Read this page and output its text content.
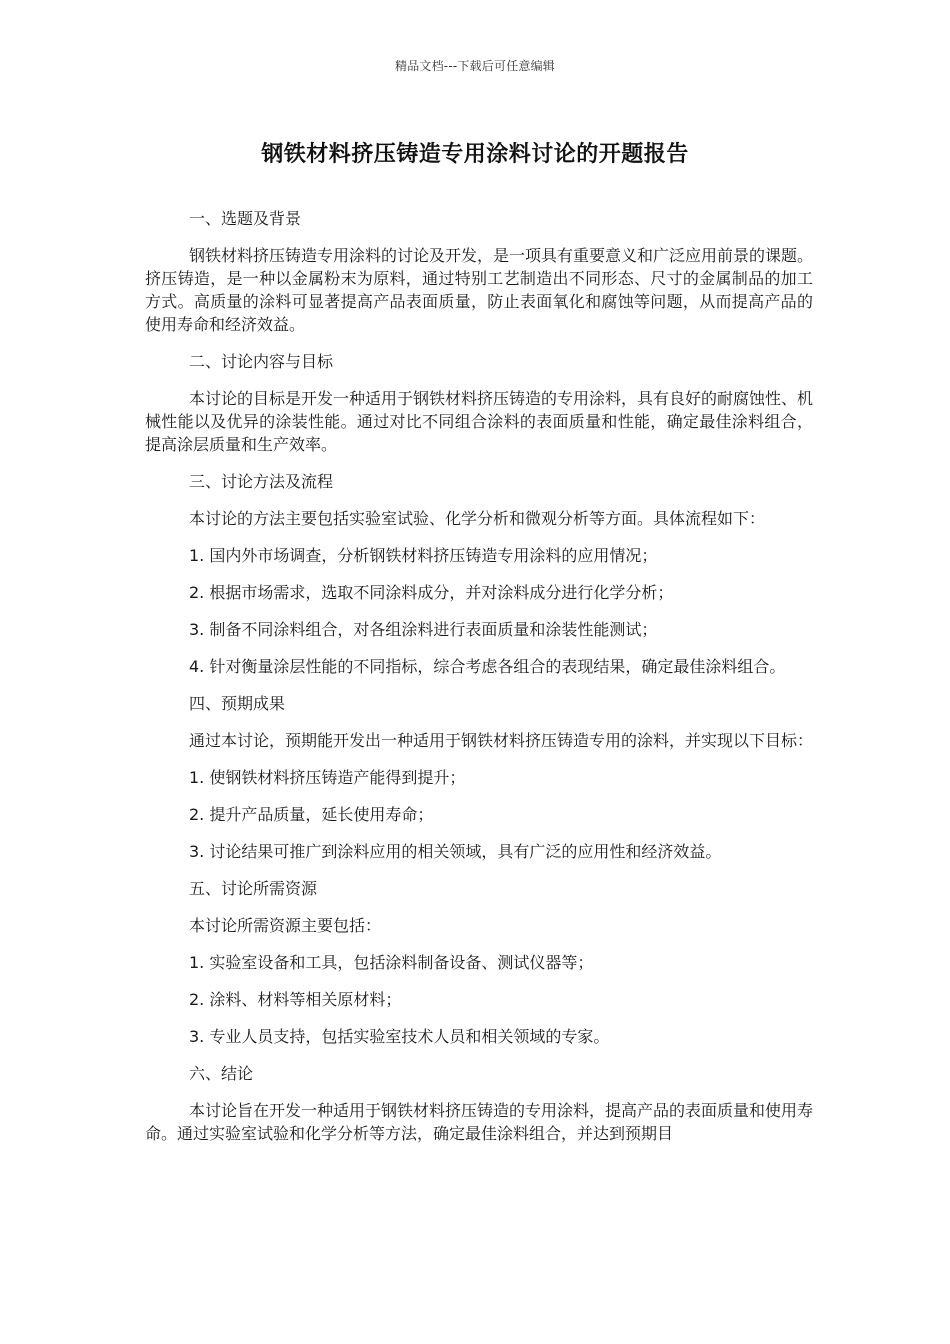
精品文档---下载后可任意编辑
钢铁材料挤压铸造专用涂料讨论的开题报告

一、选题及背景

钢铁材料挤压铸造专用涂料的讨论及开发，是一项具有重要意义和广泛应用前景的课题。挤压铸造，是一种以金属粉末为原料，通过特别工艺制造出不同形态、尺寸的金属制品的加工方式。高质量的涂料可显著提高产品表面质量，防止表面氧化和腐蚀等问题，从而提高产品的使用寿命和经济效益。

二、讨论内容与目标

本讨论的目标是开发一种适用于钢铁材料挤压铸造的专用涂料，具有良好的耐腐蚀性、机械性能以及优异的涂装性能。通过对比不同组合涂料的表面质量和性能，确定最佳涂料组合，提高涂层质量和生产效率。

三、讨论方法及流程

本讨论的方法主要包括实验室试验、化学分析和微观分析等方面。具体流程如下：

1. 国内外市场调查，分析钢铁材料挤压铸造专用涂料的应用情况；

2. 根据市场需求，选取不同涂料成分，并对涂料成分进行化学分析；

3. 制备不同涂料组合，对各组涂料进行表面质量和涂装性能测试；

4. 针对衡量涂层性能的不同指标，综合考虑各组合的表现结果，确定最佳涂料组合。

四、预期成果

通过本讨论，预期能开发出一种适用于钢铁材料挤压铸造专用的涂料，并实现以下目标：

1. 使钢铁材料挤压铸造产能得到提升；

2. 提升产品质量，延长使用寿命；

3. 讨论结果可推广到涂料应用的相关领域，具有广泛的应用性和经济效益。

五、讨论所需资源

本讨论所需资源主要包括：

1. 实验室设备和工具，包括涂料制备设备、测试仪器等；

2. 涂料、材料等相关原材料；

3. 专业人员支持，包括实验室技术人员和相关领域的专家。

六、结论

本讨论旨在开发一种适用于钢铁材料挤压铸造的专用涂料，提高产品的表面质量和使用寿命。通过实验室试验和化学分析等方法，确定最佳涂料组合，并达到预期目
